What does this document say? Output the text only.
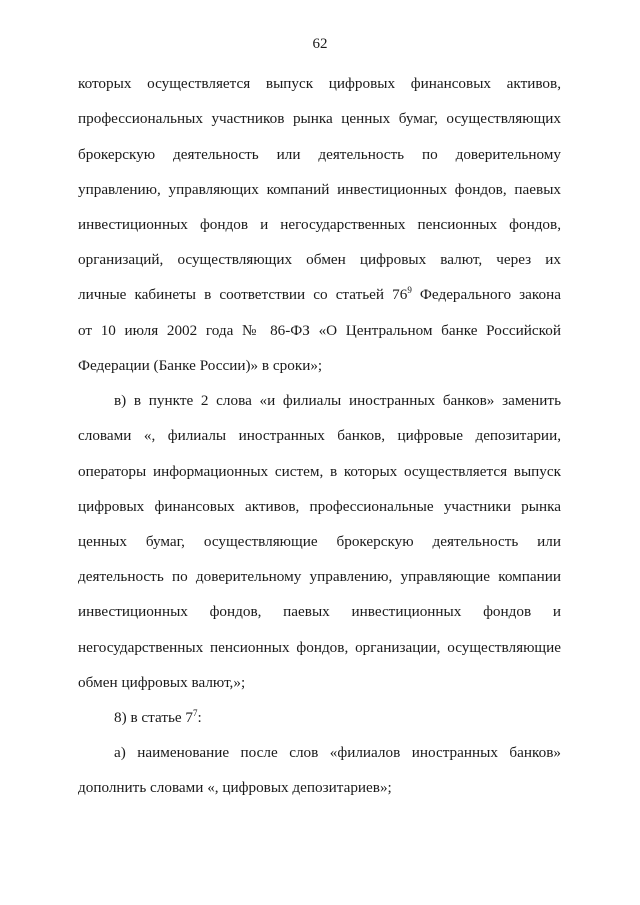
62
которых осуществляется выпуск цифровых финансовых активов,
профессиональных участников рынка ценных бумаг, осуществляющих
брокерскую деятельность или деятельность по доверительному
управлению, управляющих компаний инвестиционных фондов, паевых
инвестиционных фондов и негосударственных пенсионных фондов,
организаций, осуществляющих обмен цифровых валют, через их
личные кабинеты в соответствии со статьей $76^9$ Федерального закона
от 10 июля 2002 года № 86-ФЗ «О Центральном банке Российской
Федерации (Банке России)» в сроки»;
в) в пункте 2 слова «и филиалы иностранных банков» заменить
словами «, филиалы иностранных банков, цифровые депозитарии,
операторы информационных систем, в которых осуществляется выпуск
цифровых финансовых активов, профессиональные участники рынка
ценных бумаг, осуществляющие брокерскую деятельность или
деятельность по доверительному управлению, управляющие компании
инвестиционных фондов, паевых инвестиционных фондов и
негосударственных пенсионных фондов, организации, осуществляющие
обмен цифровых валют,»;
8) в статье $7^7$:
а) наименование после слов «филиалов иностранных банков»
дополнить словами «, цифровых депозитариев»;
